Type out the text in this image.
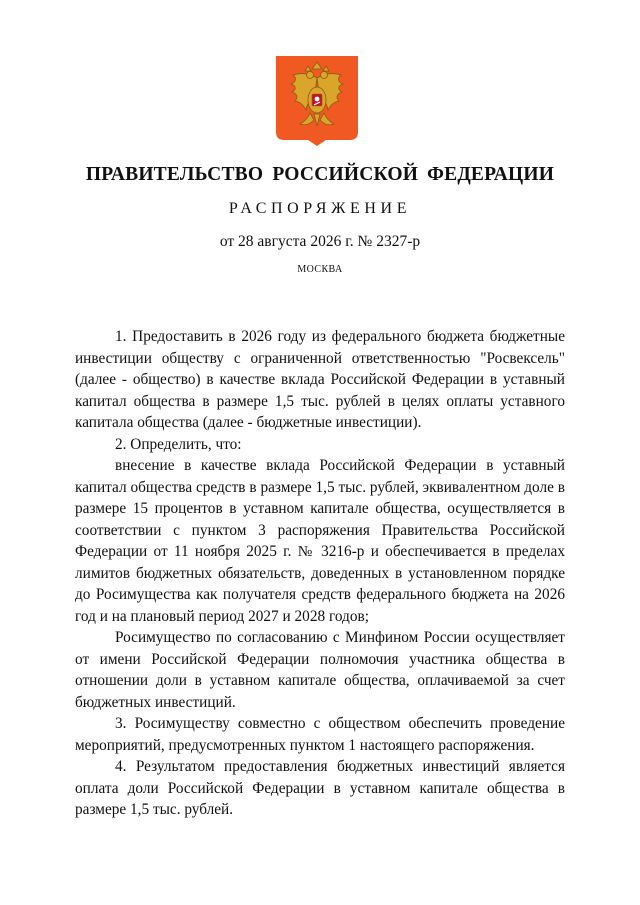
ПРАВИТЕЛЬСТВО РОССИЙСКОЙ ФЕДЕРАЦИИ
РАСПОРЯЖЕНИЕ
от 28 августа 2026 г. № 2327-р
МОСКВА

1. Предоставить в 2026 году из федерального бюджета бюджетные инвестиции обществу с ограниченной ответственностью "Росвексель" (далее - общество) в качестве вклада Российской Федерации в уставный капитал общества в размере 1,5 тыс. рублей в целях оплаты уставного капитала общества (далее - бюджетные инвестиции).

2. Определить, что:

внесение в качестве вклада Российской Федерации в уставный капитал общества средств в размере 1,5 тыс. рублей, эквивалентном доле в размере 15 процентов в уставном капитале общества, осуществляется в соответствии с пунктом 3 распоряжения Правительства Российской Федерации от 11 ноября 2025 г. № 3216-р и обеспечивается в пределах лимитов бюджетных обязательств, доведенных в установленном порядке до Росимущества как получателя средств федерального бюджета на 2026 год и на плановый период 2027 и 2028 годов;

Росимущество по согласованию с Минфином России осуществляет от имени Российской Федерации полномочия участника общества в отношении доли в уставном капитале общества, оплачиваемой за счет бюджетных инвестиций.

3. Росимуществу совместно с обществом обеспечить проведение мероприятий, предусмотренных пунктом 1 настоящего распоряжения.

4. Результатом предоставления бюджетных инвестиций является оплата доли Российской Федерации в уставном капитале общества в размере 1,5 тыс. рублей.
